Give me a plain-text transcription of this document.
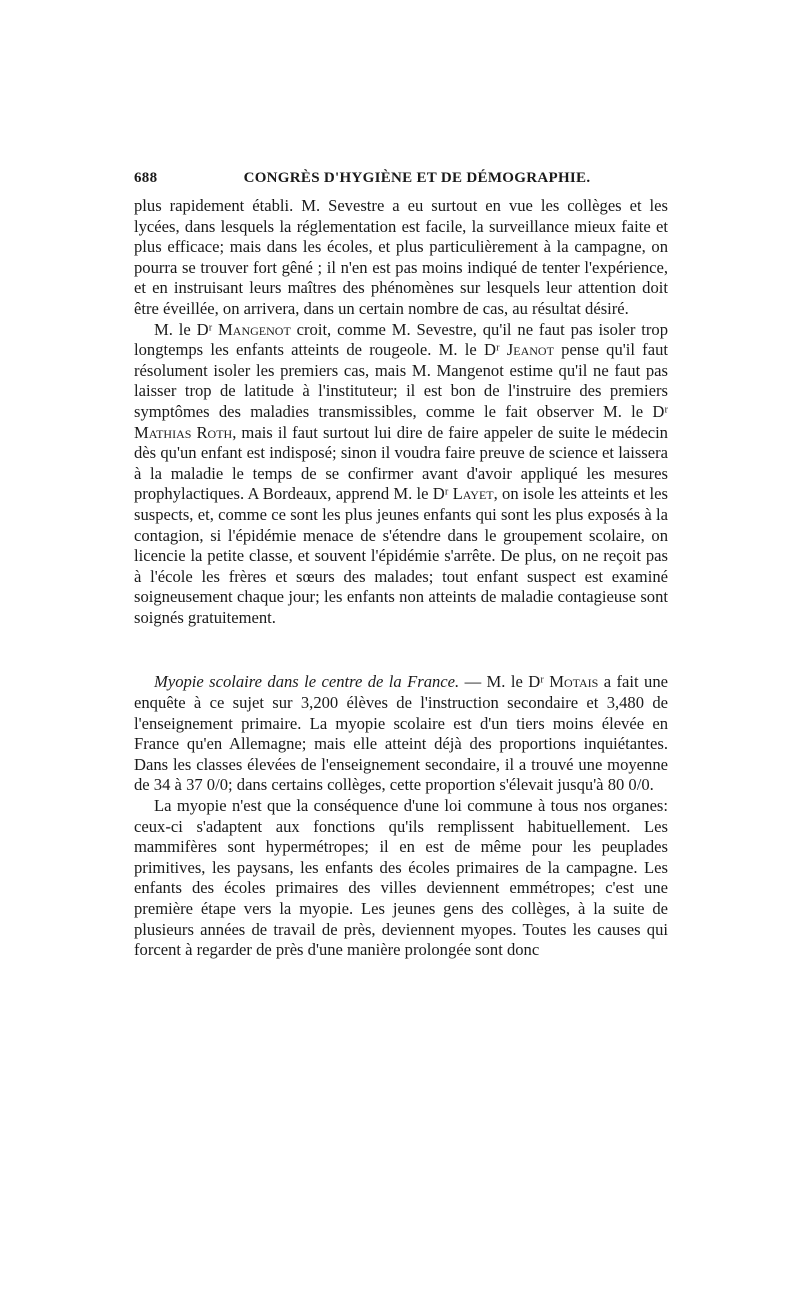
688	CONGRÈS D'HYGIÈNE ET DE DÉMOGRAPHIE.

plus rapidement établi. M. Sevestre a eu surtout en vue les collèges et les lycées, dans lesquels la réglementation est facile, la surveillance mieux faite et plus efficace; mais dans les écoles, et plus particulièrement à la campagne, on pourra se trouver fort gêné ; il n'en est pas moins indiqué de tenter l'expérience, et en instruisant leurs maîtres des phénomènes sur lesquels leur attention doit être éveillée, on arrivera, dans un certain nombre de cas, au résultat désiré.

M. le Dʳ Mangenot croit, comme M. Sevestre, qu'il ne faut pas isoler trop longtemps les enfants atteints de rougeole. M. le Dʳ Jeanot pense qu'il faut résolument isoler les premiers cas, mais M. Mangenot estime qu'il ne faut pas laisser trop de latitude à l'instituteur; il est bon de l'instruire des premiers symptômes des maladies transmissibles, comme le fait observer M. le Dʳ Mathias Roth, mais il faut surtout lui dire de faire appeler de suite le médecin dès qu'un enfant est indisposé; sinon il voudra faire preuve de science et laissera à la maladie le temps de se confirmer avant d'avoir appliqué les mesures prophylactiques. A Bordeaux, apprend M. le Dʳ Layet, on isole les atteints et les suspects, et, comme ce sont les plus jeunes enfants qui sont les plus exposés à la contagion, si l'épidémie menace de s'étendre dans le groupement scolaire, on licencie la petite classe, et souvent l'épidémie s'arrête. De plus, on ne reçoit pas à l'école les frères et sœurs des malades; tout enfant suspect est examiné soigneusement chaque jour; les enfants non atteints de maladie contagieuse sont soignés gratuitement.

Myopie scolaire dans le centre de la France. — M. le Dʳ Motais a fait une enquête à ce sujet sur 3,200 élèves de l'instruction secondaire et 3,480 de l'enseignement primaire. La myopie scolaire est d'un tiers moins élevée en France qu'en Allemagne; mais elle atteint déjà des proportions inquiétantes. Dans les classes élevées de l'enseignement secondaire, il a trouvé une moyenne de 34 à 37 0/0; dans certains collèges, cette proportion s'élevait jusqu'à 80 0/0.

La myopie n'est que la conséquence d'une loi commune à tous nos organes: ceux-ci s'adaptent aux fonctions qu'ils remplissent habituellement. Les mammifères sont hypermétropes; il en est de même pour les peuplades primitives, les paysans, les enfants des écoles primaires de la campagne. Les enfants des écoles primaires des villes deviennent emmétropes; c'est une première étape vers la myopie. Les jeunes gens des collèges, à la suite de plusieurs années de travail de près, deviennent myopes. Toutes les causes qui forcent à regarder de près d'une manière prolongée sont donc
